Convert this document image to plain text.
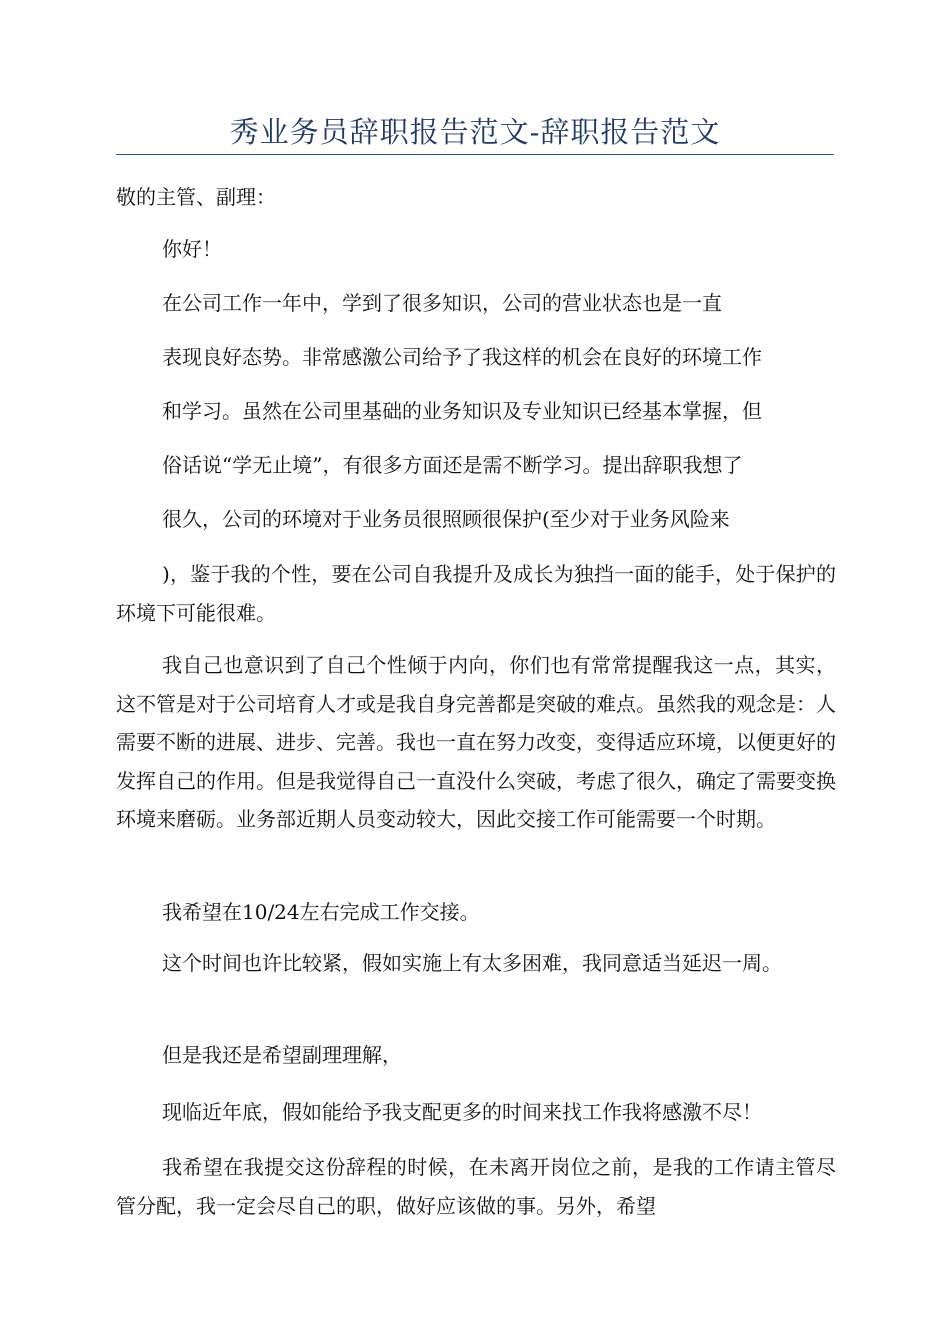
秀业务员辞职报告范文-辞职报告范文
敬的主管、副理：
你好！
在公司工作一年中，学到了很多知识，公司的营业状态也是一直
表现良好态势。非常感激公司给予了我这样的机会在良好的环境工作
和学习。虽然在公司里基础的业务知识及专业知识已经基本掌握，但
俗话说“学无止境”，有很多方面还是需不断学习。提出辞职我想了
很久，公司的环境对于业务员很照顾很保护(至少对于业务风险来
)，鉴于我的个性，要在公司自我提升及成长为独挡一面的能手，处于保护的环境下可能很难。
我自己也意识到了自己个性倾于内向，你们也有常常提醒我这一点，其实，这不管是对于公司培育人才或是我自身完善都是突破的难点。虽然我的观念是：人需要不断的进展、进步、完善。我也一直在努力改变，变得适应环境，以便更好的发挥自己的作用。但是我觉得自己一直没什么突破，考虑了很久，确定了需要变换环境来磨砺。业务部近期人员变动较大，因此交接工作可能需要一个时期。
我希望在10/24左右完成工作交接。
这个时间也许比较紧，假如实施上有太多困难，我同意适当延迟一周。
但是我还是希望副理理解，
现临近年底，假如能给予我支配更多的时间来找工作我将感激不尽！
我希望在我提交这份辞程的时候，在未离开岗位之前，是我的工作请主管尽管分配，我一定会尽自己的职，做好应该做的事。另外，希望
